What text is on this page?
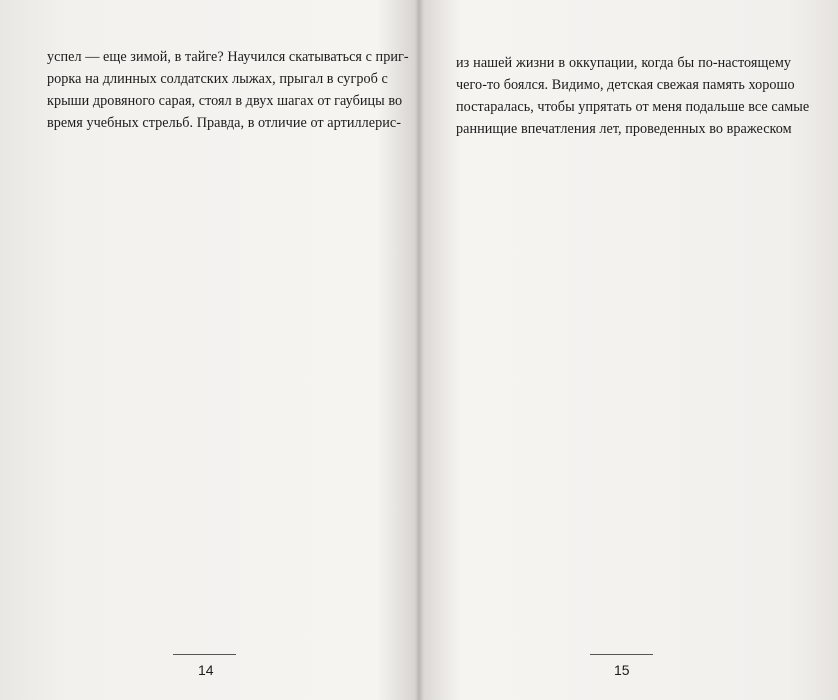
успел — еще зимой, в тайге? Научился скатываться с приг-
рорка на длинных солдатских лыжах, прыгал в сугроб с
крыши дровяного сарая, стоял в двух шагах от гаубицы во
время учебных стрельб. Правда, в отличие от артиллерис-
14
из нашей жизни в оккупации, когда бы по-настоящему
чего-то боялся. Видимо, детская свежая память хорошо
постаралась, чтобы упрятать от меня подальше все самые
раннищие впечатления лет, проведенных во вражеском
15
